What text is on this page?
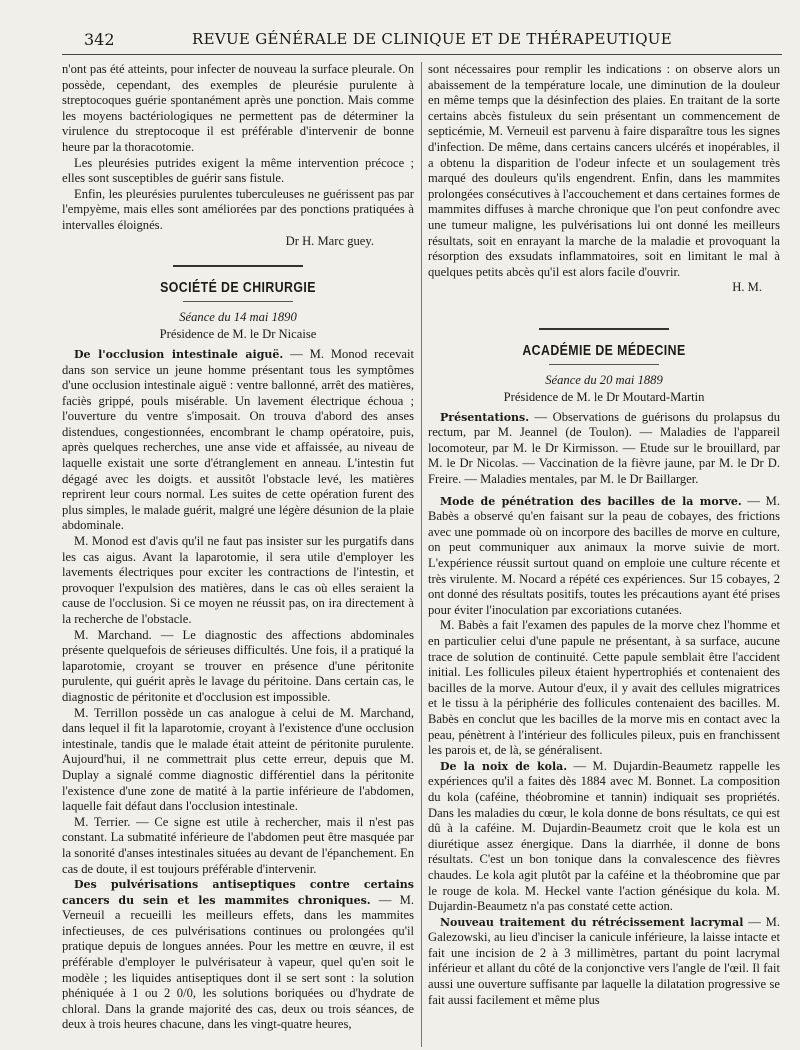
342	REVUE GÉNÉRALE DE CLINIQUE ET DE THÉRAPEUTIQUE

n'ont pas été atteints, pour infecter de nouveau la surface pleurale. On possède, cependant, des exemples de pleurésie purulente à streptocoques guérie spontanément après une ponction. Mais comme les moyens bactériologiques ne permettent pas de déterminer la virulence du streptocoque il est préférable d'intervenir de bonne heure par la thoracotomie.

Les pleurésies putrides exigent la même intervention précoce ; elles sont susceptibles de guérir sans fistule.

Enfin, les pleurésies purulentes tuberculeuses ne guérissent pas par l'empyème, mais elles sont améliorées par des ponctions pratiquées à intervalles éloignés.

Dr H. Marc guey.

SOCIÉTÉ DE CHIRURGIE
Séance du 14 mai 1890
Présidence de M. le Dr Nicaise

De l'occlusion intestinale aiguë. — M. Monod recevait dans son service un jeune homme présentant tous les symptômes d'une occlusion intestinale aiguë : ventre ballonné, arrêt des matières, faciès grippé, pouls misérable. Un lavement électrique échoua ; l'ouverture du ventre s'imposait. On trouva d'abord des anses distendues, congestionnées, encombrant le champ opératoire, puis, après quelques recherches, une anse vide et affaissée, au niveau de laquelle existait une sorte d'étranglement en anneau. L'intestin fut dégagé avec les doigts. et aussitôt l'obstacle levé, les matières reprirent leur cours normal. Les suites de cette opération furent des plus simples, le malade guérit, malgré une légère désunion de la plaie abdominale.

M. Monod est d'avis qu'il ne faut pas insister sur les purgatifs dans les cas aigus. Avant la laparotomie, il sera utile d'employer les lavements électriques pour exciter les contractions de l'intestin, et provoquer l'expulsion des matières, dans le cas où elles seraient la cause de l'occlusion. Si ce moyen ne réussit pas, on ira directement à la recherche de l'obstacle.

M. Marchand. — Le diagnostic des affections abdominales présente quelquefois de sérieuses difficultés. Une fois, il a pratiqué la laparotomie, croyant se trouver en présence d'une péritonite purulente, qui guérit après le lavage du péritoine. Dans certain cas, le diagnostic de péritonite et d'occlusion est impossible.

M. Terrillon possède un cas analogue à celui de M. Marchand, dans lequel il fit la laparotomie, croyant à l'existence d'une occlusion intestinale, tandis que le malade était atteint de péritonite purulente. Aujourd'hui, il ne commettrait plus cette erreur, depuis que M. Duplay a signalé comme diagnostic différentiel dans la péritonite l'existence d'une zone de matité à la partie inférieure de l'abdomen, laquelle fait défaut dans l'occlusion intestinale.

M. Terrier. — Ce signe est utile à rechercher, mais il n'est pas constant. La submatité inférieure de l'abdomen peut être masquée par la sonorité d'anses intestinales situées au devant de l'épanchement. En cas de doute, il est toujours préférable d'intervenir.

Des pulvérisations antiseptiques contre certains cancers du sein et les mammites chroniques. — M. Verneuil a recueilli les meilleurs effets, dans les mammites infectieuses, de ces pulvérisations continues ou prolongées qu'il pratique depuis de longues années. Pour les mettre en œuvre, il est préférable d'employer le pulvérisateur à vapeur, quel qu'en soit le modèle ; les liquides antiseptiques dont il se sert sont : la solution phéniquée à 1 ou 2 0/0, les solutions boriquées ou d'hydrate de chloral. Dans la grande majorité des cas, deux ou trois séances, de deux à trois heures chacune, dans les vingt-quatre heures,

sont nécessaires pour remplir les indications : on observe alors un abaissement de la température locale, une diminution de la douleur en même temps que la désinfection des plaies. En traitant de la sorte certains abcès fistuleux du sein présentant un commencement de septicémie, M. Verneuil est parvenu à faire disparaître tous les signes d'infection. De même, dans certains cancers ulcérés et inopérables, il a obtenu la disparition de l'odeur infecte et un soulagement très marqué des douleurs qu'ils engendrent. Enfin, dans les mammites prolongées consécutives à l'accouchement et dans certaines formes de mammites diffuses à marche chronique que l'on peut confondre avec une tumeur maligne, les pulvérisations lui ont donné les meilleurs résultats, soit en enrayant la marche de la maladie et provoquant la résorption des exsudats inflammatoires, soit en limitant le mal à quelques petits abcès qu'il est alors facile d'ouvrir.

H. M.

ACADÉMIE DE MÉDECINE
Séance du 20 mai 1889
Présidence de M. le Dr Moutard-Martin

Présentations. — Observations de guérisons du prolapsus du rectum, par M. Jeannel (de Toulon). — Maladies de l'appareil locomoteur, par M. le Dr Kirmisson. — Etude sur le brouillard, par M. le Dr Nicolas. — Vaccination de la fièvre jaune, par M. le Dr D. Freire. — Maladies mentales, par M. le Dr Baillarger.

Mode de pénétration des bacilles de la morve. — M. Babès a observé qu'en faisant sur la peau de cobayes, des frictions avec une pommade où on incorpore des bacilles de morve en culture, on peut communiquer aux animaux la morve suivie de mort. L'expérience réussit surtout quand on emploie une culture récente et très virulente. M. Nocard a répété ces expériences. Sur 15 cobayes, 2 ont donné des résultats positifs, toutes les précautions ayant été prises pour éviter l'inoculation par excoriations cutanées.

M. Babès a fait l'examen des papules de la morve chez l'homme et en particulier celui d'une papule ne présentant, à sa surface, aucune trace de solution de continuité. Cette papule semblait être l'accident initial. Les follicules pileux étaient hypertrophiés et contenaient des bacilles de la morve. Autour d'eux, il y avait des cellules migratrices et le tissu à la périphérie des follicules contenaient des bacilles. M. Babès en conclut que les bacilles de la morve mis en contact avec la peau, pénètrent à l'intérieur des follicules pileux, puis en franchissent les parois et, de là, se généralisent.

De la noix de kola. — M. Dujardin-Beaumetz rappelle les expériences qu'il a faites dès 1884 avec M. Bonnet. La composition du kola (caféine, théobromine et tannin) indiquait ses propriétés. Dans les maladies du cœur, le kola donne de bons résultats, ce qui est dû à la caféine. M. Dujardin-Beaumetz croit que le kola est un diurétique assez énergique. Dans la diarrhée, il donne de bons résultats. C'est un bon tonique dans la convalescence des fièvres chaudes. Le kola agit plutôt par la caféine et la théobromine que par le rouge de kola. M. Heckel vante l'action génésique du kola. M. Dujardin-Beaumetz n'a pas constaté cette action.

Nouveau traitement du rétrécissement lacrymal — M. Galezowski, au lieu d'inciser la canicule inférieure, la laisse intacte et fait une incision de 2 à 3 millimètres, partant du point lacrymal inférieur et allant du côté de la conjonctive vers l'angle de l'œil. Il fait aussi une ouverture suffisante par laquelle la dilatation progressive se fait aussi facilement et même plus
